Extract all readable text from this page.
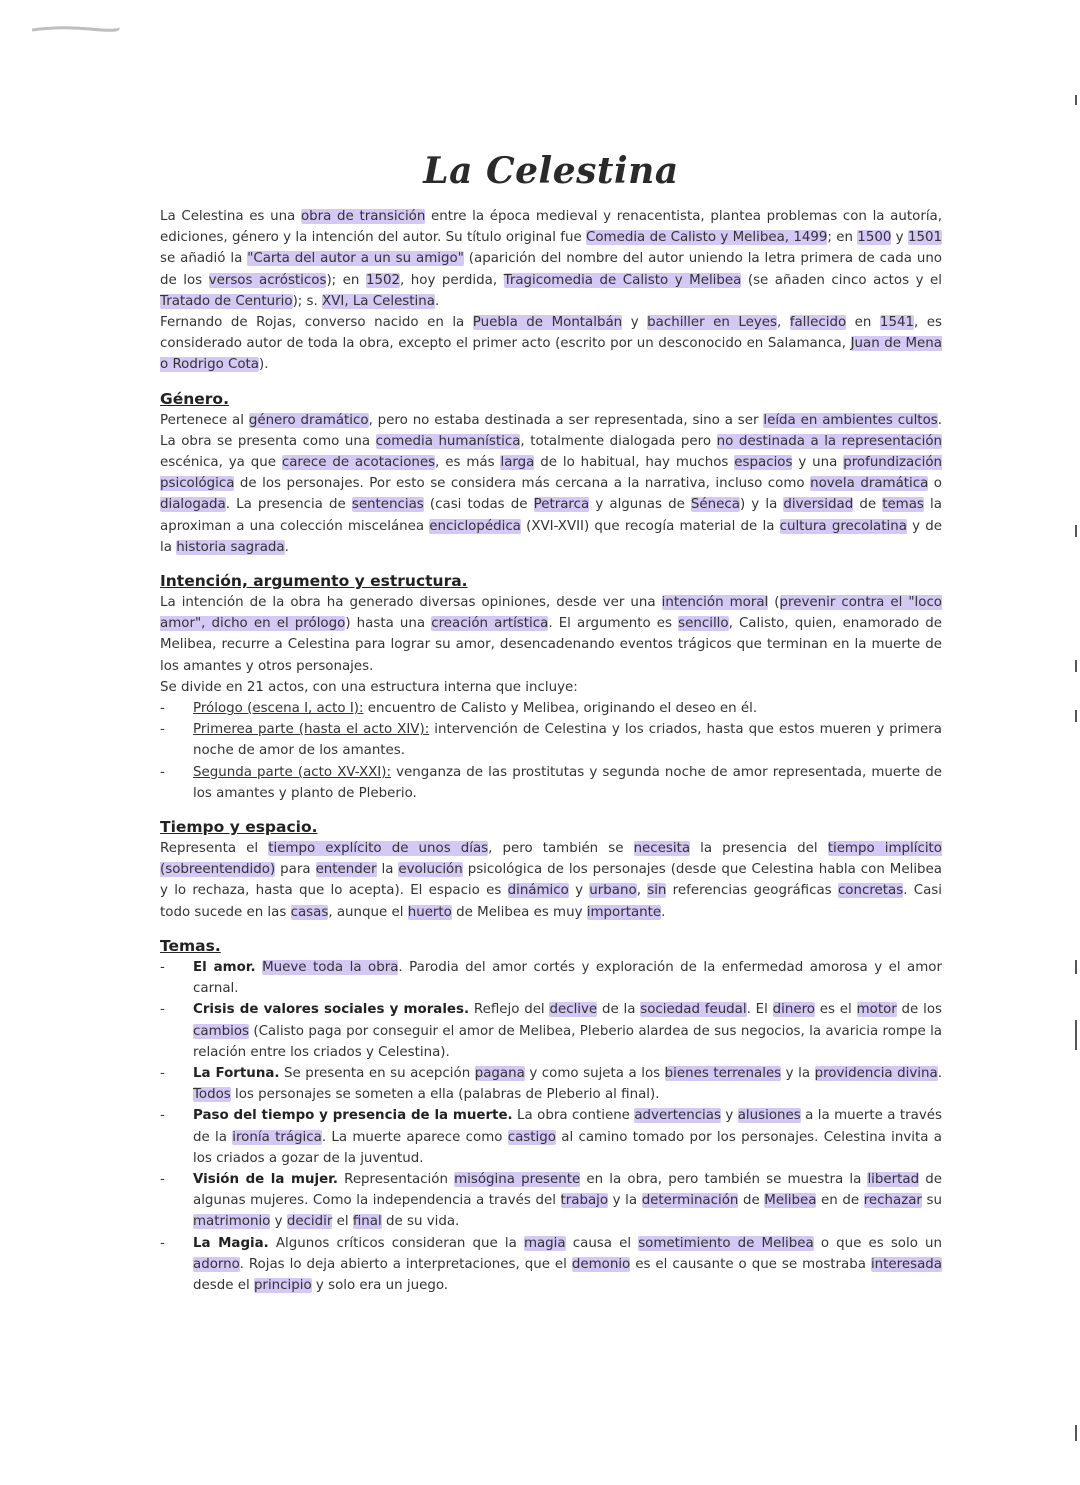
La Celestina

La Celestina es una obra de transición entre la época medieval y renacentista, plantea problemas con la autoría, ediciones, género y la intención del autor. Su título original fue Comedia de Calisto y Melibea, 1499; en 1500 y 1501 se añadió la "Carta del autor a un su amigo" (aparición del nombre del autor uniendo la letra primera de cada uno de los versos acrósticos); en 1502, hoy perdida, Tragicomedia de Calisto y Melibea (se añaden cinco actos y el Tratado de Centurio); s. XVI, La Celestina.

Fernando de Rojas, converso nacido en la Puebla de Montalbán y bachiller en Leyes, fallecido en 1541, es considerado autor de toda la obra, excepto el primer acto (escrito por un desconocido en Salamanca, Juan de Mena o Rodrigo Cota).

Género.

Pertenece al género dramático, pero no estaba destinada a ser representada, sino a ser leída en ambientes cultos. La obra se presenta como una comedia humanística, totalmente dialogada pero no destinada a la representación escénica, ya que carece de acotaciones, es más larga de lo habitual, hay muchos espacios y una profundización psicológica de los personajes. Por esto se considera más cercana a la narrativa, incluso como novela dramática o dialogada. La presencia de sentencias (casi todas de Petrarca y algunas de Séneca) y la diversidad de temas la aproximan a una colección miscelánea enciclopédica (XVI-XVII) que recogía material de la cultura grecolatina y de la historia sagrada.

Intención, argumento y estructura.

La intención de la obra ha generado diversas opiniones, desde ver una intención moral (prevenir contra el "loco amor", dicho en el prólogo) hasta una creación artística. El argumento es sencillo, Calisto, quien, enamorado de Melibea, recurre a Celestina para lograr su amor, desencadenando eventos trágicos que terminan en la muerte de los amantes y otros personajes.

Se divide en 21 actos, con una estructura interna que incluye:

- Prólogo (escena I, acto I): encuentro de Calisto y Melibea, originando el deseo en él.
- Primerea parte (hasta el acto XIV): intervención de Celestina y los criados, hasta que estos mueren y primera noche de amor de los amantes.
- Segunda parte (acto XV-XXI): venganza de las prostitutas y segunda noche de amor representada, muerte de los amantes y planto de Pleberio.
Tiempo y espacio.

Representa el tiempo explícito de unos días, pero también se necesita la presencia del tiempo implícito (sobreentendido) para entender la evolución psicológica de los personajes (desde que Celestina habla con Melibea y lo rechaza, hasta que lo acepta). El espacio es dinámico y urbano, sin referencias geográficas concretas. Casi todo sucede en las casas, aunque el huerto de Melibea es muy importante.

Temas.
- El amor. Mueve toda la obra. Parodia del amor cortés y exploración de la enfermedad amorosa y el amor carnal.
- Crisis de valores sociales y morales. Reflejo del declive de la sociedad feudal. El dinero es el motor de los cambios (Calisto paga por conseguir el amor de Melibea, Pleberio alardea de sus negocios, la avaricia rompe la relación entre los criados y Celestina).
- La Fortuna. Se presenta en su acepción pagana y como sujeta a los bienes terrenales y la providencia divina. Todos los personajes se someten a ella (palabras de Pleberio al final).
- Paso del tiempo y presencia de la muerte. La obra contiene advertencias y alusiones a la muerte a través de la ironía trágica. La muerte aparece como castigo al camino tomado por los personajes. Celestina invita a los criados a gozar de la juventud.
- Visión de la mujer. Representación misógina presente en la obra, pero también se muestra la libertad de algunas mujeres. Como la independencia a través del trabajo y la determinación de Melibea en de rechazar su matrimonio y decidir el final de su vida.
- La Magia. Algunos críticos consideran que la magia causa el sometimiento de Melibea o que es solo un adorno. Rojas lo deja abierto a interpretaciones, que el demonio es el causante o que se mostraba interesada desde el principio y solo era un juego.
